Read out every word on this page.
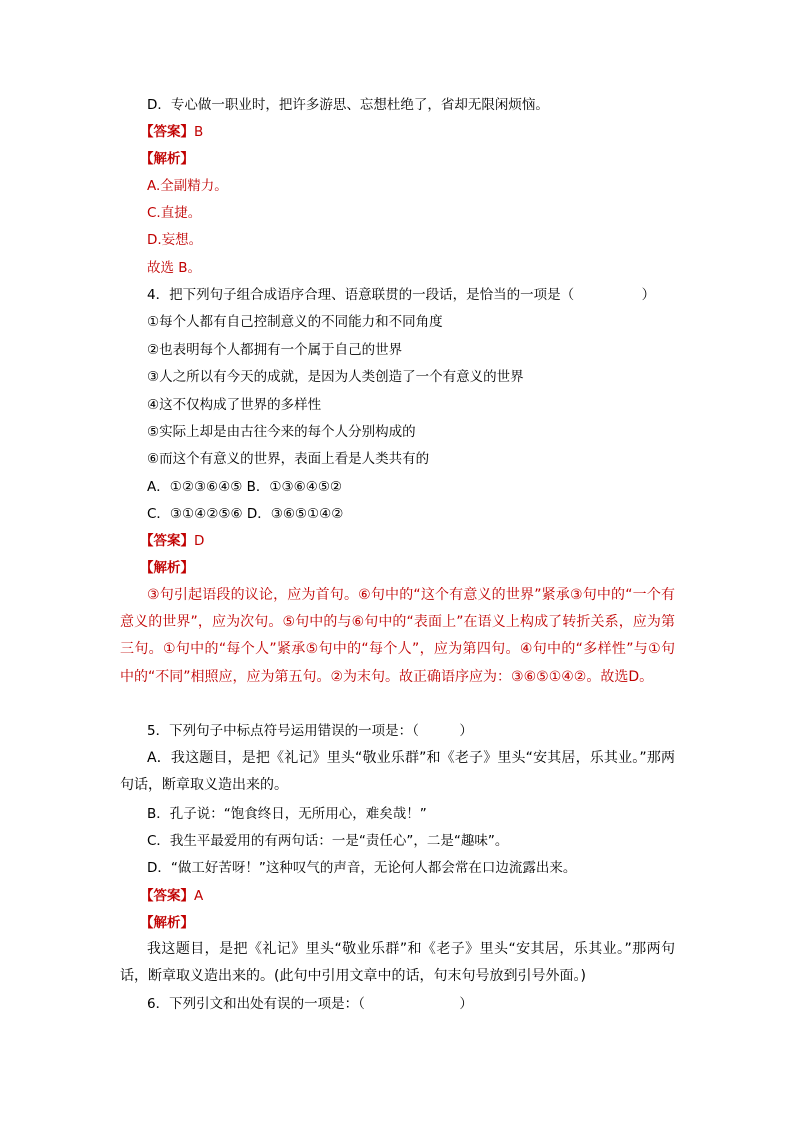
D．专心做一职业时，把许多游思、忘想杜绝了，省却无限闲烦恼。
【答案】B
【解析】
A.全副精力。
C.直捷。
D.妄想。
故选 B。
4．把下列句子组合成语序合理、语意联贯的一段话，是恰当的一项是（　　　　　）
①每个人都有自己控制意义的不同能力和不同角度
②也表明每个人都拥有一个属于自己的世界
③人之所以有今天的成就，是因为人类创造了一个有意义的世界
④这不仅构成了世界的多样性
⑤实际上却是由古往今来的每个人分别构成的
⑥而这个有意义的世界，表面上看是人类共有的
A．①②③⑥④⑤ B．①③⑥④⑤②
C．③①④②⑤⑥ D．③⑥⑤①④②
【答案】D
【解析】

③句引起语段的议论，应为首句。⑥句中的“这个有意义的世界”紧承③句中的“一个有意义的世界”，应为次句。⑤句中的与⑥句中的“表面上”在语义上构成了转折关系，应为第三句。①句中的“每个人”紧承⑤句中的“每个人”，应为第四句。④句中的“多样性”与①句中的“不同”相照应，应为第五句。②为末句。故正确语序应为：③⑥⑤①④②。故选D。

5．下列句子中标点符号运用错误的一项是：（　　　）

A．我这题目，是把《礼记》里头“敬业乐群”和《老子》里头“安其居，乐其业。”那两句话，断章取义造出来的。

B．孔子说：“饱食终日，无所用心，难矣哉！”
C．我生平最爱用的有两句话：一是“责任心”，二是“趣味”。
D．“做工好苦呀！”这种叹气的声音，无论何人都会常在口边流露出来。
【答案】A
【解析】

我这题目，是把《礼记》里头“敬业乐群”和《老子》里头“安其居，乐其业。”那两句话，断章取义造出来的。(此句中引用文章中的话，句末句号放到引号外面。)

6．下列引文和出处有误的一项是：（　　　　　　　）
